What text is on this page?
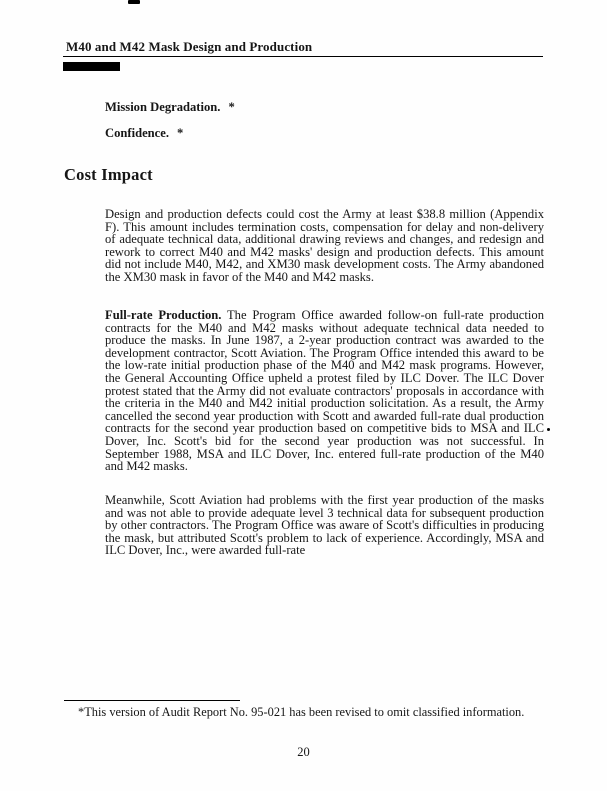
M40 and M42 Mask Design and Production
Mission Degradation. *
Confidence. *
Cost Impact

Design and production defects could cost the Army at least $38.8 million (Appendix F). This amount includes termination costs, compensation for delay and non-delivery of adequate technical data, additional drawing reviews and changes, and redesign and rework to correct M40 and M42 masks' design and production defects. This amount did not include M40, M42, and XM30 mask development costs. The Army abandoned the XM30 mask in favor of the M40 and M42 masks.

Full-rate Production. The Program Office awarded follow-on full-rate production contracts for the M40 and M42 masks without adequate technical data needed to produce the masks. In June 1987, a 2-year production contract was awarded to the development contractor, Scott Aviation. The Program Office intended this award to be the low-rate initial production phase of the M40 and M42 mask programs. However, the General Accounting Office upheld a protest filed by ILC Dover. The ILC Dover protest stated that the Army did not evaluate contractors' proposals in accordance with the criteria in the M40 and M42 initial production solicitation. As a result, the Army cancelled the second year production with Scott and awarded full-rate dual production contracts for the second year production based on competitive bids to MSA and ILC Dover, Inc. Scott's bid for the second year production was not successful. In September 1988, MSA and ILC Dover, Inc. entered full-rate production of the M40 and M42 masks.

Meanwhile, Scott Aviation had problems with the first year production of the masks and was not able to provide adequate level 3 technical data for subsequent production by other contractors. The Program Office was aware of Scott's difficulties in producing the mask, but attributed Scott's problem to lack of experience. Accordingly, MSA and ILC Dover, Inc., were awarded full-rate

*This version of Audit Report No. 95-021 has been revised to omit classified information.

20
